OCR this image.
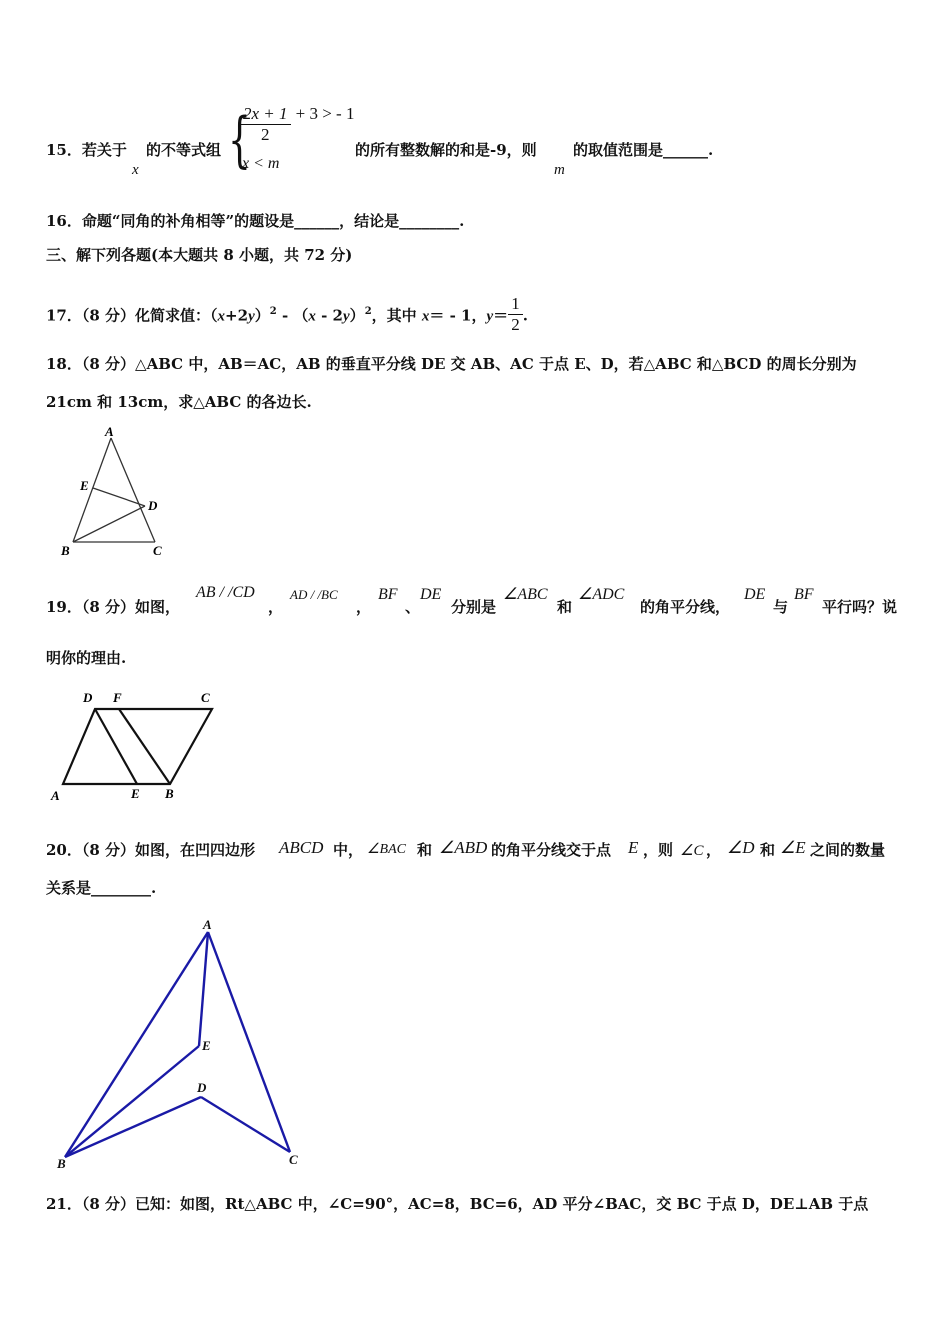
15．若关于
x
的不等式组 {
$\frac{2x + 1}{2} + 3$ > - 1
x < m
的所有整数解的和是-9，则
m
的取值范围是______.
16．命题“同角的补角相等”的题设是______，结论是________.
三、解下列各题(本大题共 8 小题，共 72 分)
17．（8 分）化简求值：$(x+2y)^2 - (x - 2y)^2$，其中 x＝ - 1，$y= \frac{1}{2}$ .
18．（8 分）△ABC 中，AB＝AC，AB 的垂直平分线 DE 交 AB、AC 于点 E、D，若△ABC 和△BCD 的周长分别为
21cm 和 13cm，求△ABC 的各边长.
A
E
D
B	C
19．（8 分）如图，
AB / /CD
，
AD / /BC
，
BF
、
DE
分别是
∠ABC
和
∠ADC
的角平分线，
DE
与
BF
平行吗？说
明你的理由.
D F	C
A	E B
20．（8 分）如图，在凹四边形 ABCD 中， ∠BAC 和 ∠ABD 的角平分线交于点 E ，则 ∠C ， ∠D 和 ∠E 之间的数量
关系是________.
A
E
D
B	C
21．（8 分）已知：如图，Rt△ABC 中，∠C=90°，AC=8，BC=6，AD 平分∠BAC，交 BC 于点 D，DE⊥AB 于点
